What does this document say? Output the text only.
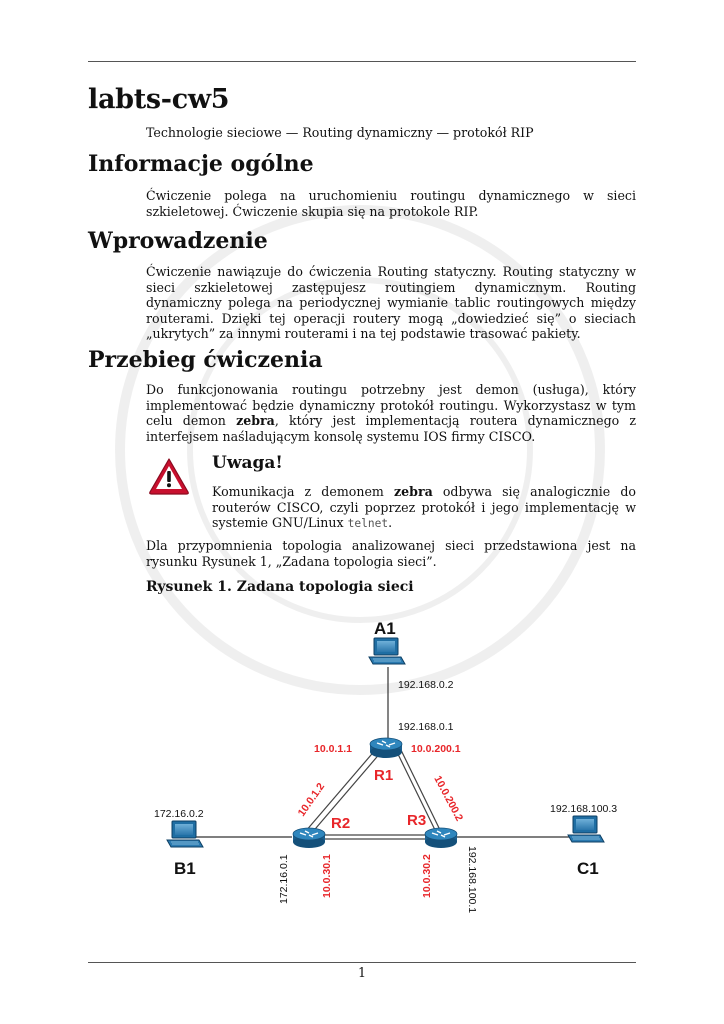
labts-cw5
Technologie sieciowe — Routing dynamiczny — protokół RIP
Informacje ogólne

Ćwiczenie polega na uruchomieniu routingu dynamicznego w sieci szkieletowej. Ćwiczenie skupia się na protokole RIP.

Wprowadzenie

Ćwiczenie nawiązuje do ćwiczenia Routing statyczny. Routing statyczny w sieci szkieletowej zastępujesz routingiem dynamicznym. Routing dynamiczny polega na periodycznej wymianie tablic routingowych między routerami. Dzięki tej operacji routery mogą „dowiedzieć się” o sieciach „ukrytych” za innymi routerami i na tej podstawie trasować pakiety.

Przebieg ćwiczenia

Do funkcjonowania routingu potrzebny jest demon (usługa), który implementować będzie dynamiczny protokół routingu. Wykorzystasz w tym celu demon zebra, który jest implementacją routera dynamicznego z interfejsem naśladującym konsolę systemu IOS firmy CISCO.

Uwaga!

Komunikacja z demonem zebra odbywa się analogicznie do routerów CISCO, czyli poprzez protokół i jego implementację w systemie GNU/Linux telnet.

Dla przypomnienia topologia analizowanej sieci przedstawiona jest na rysunku Rysunek 1, „Zadana topologia sieci”.

Rysunek 1. Zadana topologia sieci
A1
R1
R2	R3
B1	C1
192.168.0.2
192.168.0.1
10.0.1.1	10.0.200.1
10.0.1.2	10.0.200.2
172.16.0.2
172.16.0.1	10.0.30.1	10.0.30.2	192.168.100.1
192.168.100.3
1
